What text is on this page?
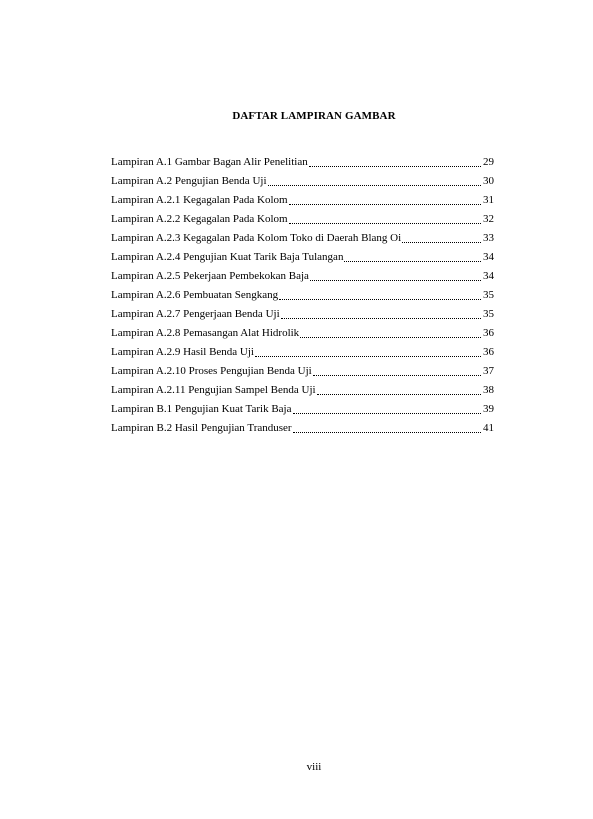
DAFTAR LAMPIRAN GAMBAR
Lampiran A.1 Gambar Bagan Alir Penelitian	29
Lampiran A.2 Pengujian Benda Uji	30
Lampiran A.2.1 Kegagalan Pada Kolom	31
Lampiran A.2.2 Kegagalan Pada Kolom	32
Lampiran A.2.3 Kegagalan Pada Kolom Toko di Daerah Blang Oi	33
Lampiran A.2.4 Pengujian Kuat Tarik Baja Tulangan	34
Lampiran A.2.5 Pekerjaan Pembekokan Baja	34
Lampiran A.2.6 Pembuatan Sengkang	35
Lampiran A.2.7 Pengerjaan Benda Uji	35
Lampiran A.2.8 Pemasangan Alat Hidrolik	36
Lampiran A.2.9 Hasil Benda Uji	36
Lampiran A.2.10 Proses Pengujian Benda Uji	37
Lampiran A.2.11 Pengujian Sampel Benda Uji	38
Lampiran B.1 Pengujian Kuat Tarik Baja	39
Lampiran B.2 Hasil Pengujian Tranduser	41
viii
